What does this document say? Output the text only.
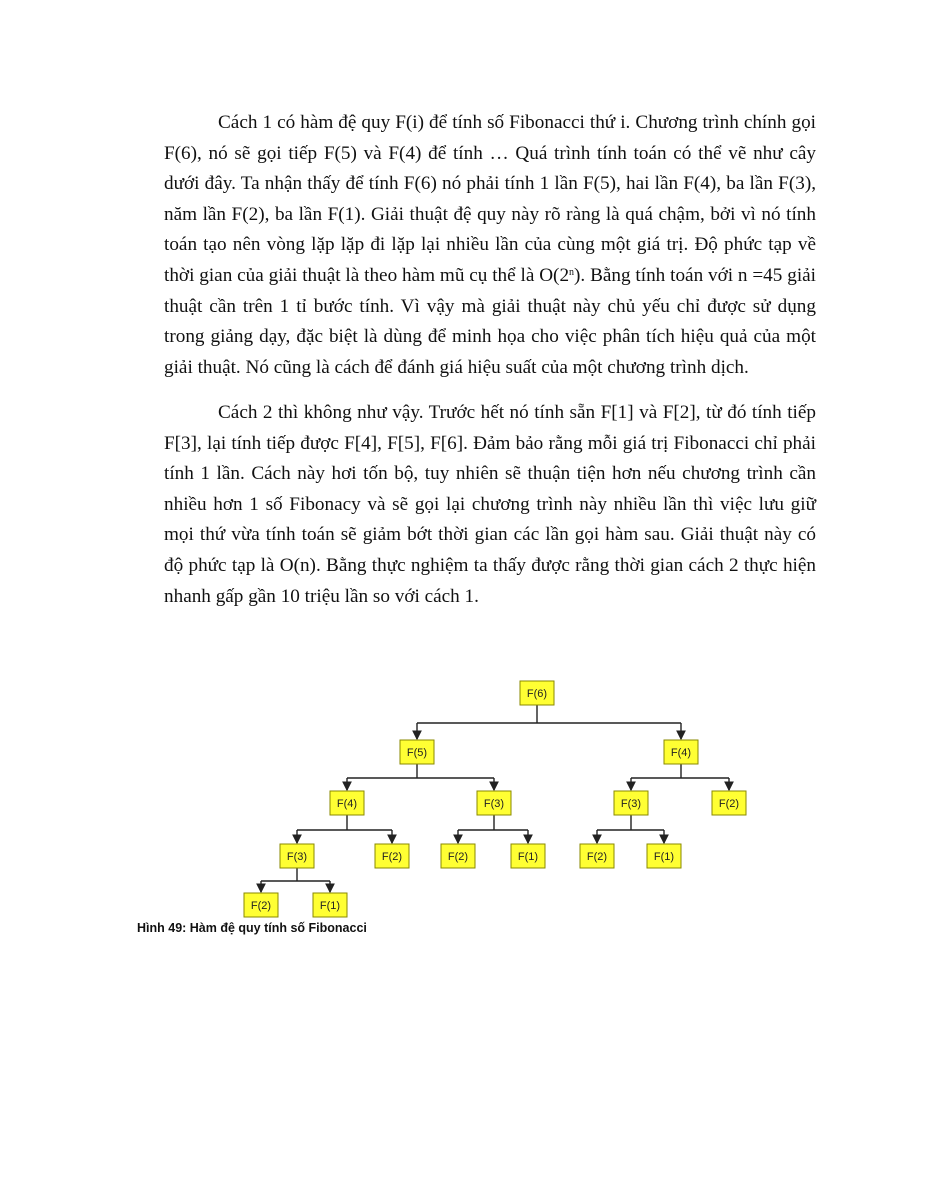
Cách 1 có hàm đệ quy F(i) để tính số Fibonacci thứ i. Chương trình chính gọi F(6), nó sẽ gọi tiếp F(5) và F(4) để tính … Quá trình tính toán có thể vẽ như cây dưới đây. Ta nhận thấy để tính F(6) nó phải tính 1 lần F(5), hai lần F(4), ba lần F(3), năm lần F(2), ba lần F(1). Giải thuật đệ quy này rõ ràng là quá chậm, bởi vì nó tính toán tạo nên vòng lặp lặp đi lặp lại nhiều lần của cùng một giá trị. Độ phức tạp về thời gian của giải thuật là theo hàm mũ cụ thể là O(2$^n$). Bằng tính toán với n =45 giải thuật cần trên 1 tỉ bước tính. Vì vậy mà giải thuật này chủ yếu chỉ được sử dụng trong giảng dạy, đặc biệt là dùng để minh họa cho việc phân tích hiệu quả của một giải thuật. Nó cũng là cách để đánh giá hiệu suất của một chương trình dịch.

Cách 2 thì không như vậy. Trước hết nó tính sẵn F[1] và F[2], từ đó tính tiếp F[3], lại tính tiếp được F[4], F[5], F[6]. Đảm bảo rằng mỗi giá trị Fibonacci chỉ phải tính 1 lần. Cách này hơi tốn bộ, tuy nhiên sẽ thuận tiện hơn nếu chương trình cần nhiều hơn 1 số Fibonacy và sẽ gọi lại chương trình này nhiều lần thì việc lưu giữ mọi thứ vừa tính toán sẽ giảm bớt thời gian các lần gọi hàm sau. Giải thuật này có độ phức tạp là O(n). Bằng thực nghiệm ta thấy được rằng thời gian cách 2 thực hiện nhanh gấp gần 10 triệu lần so với cách 1.

F(6)
F(5)	F(4)
F(4)	F(3)	F(3)	F(2)
F(3)	F(2)	F(2)	F(1)	F(2)	F(1)
F(2)	F(1)

Hình 49: Hàm đệ quy tính số Fibonacci
